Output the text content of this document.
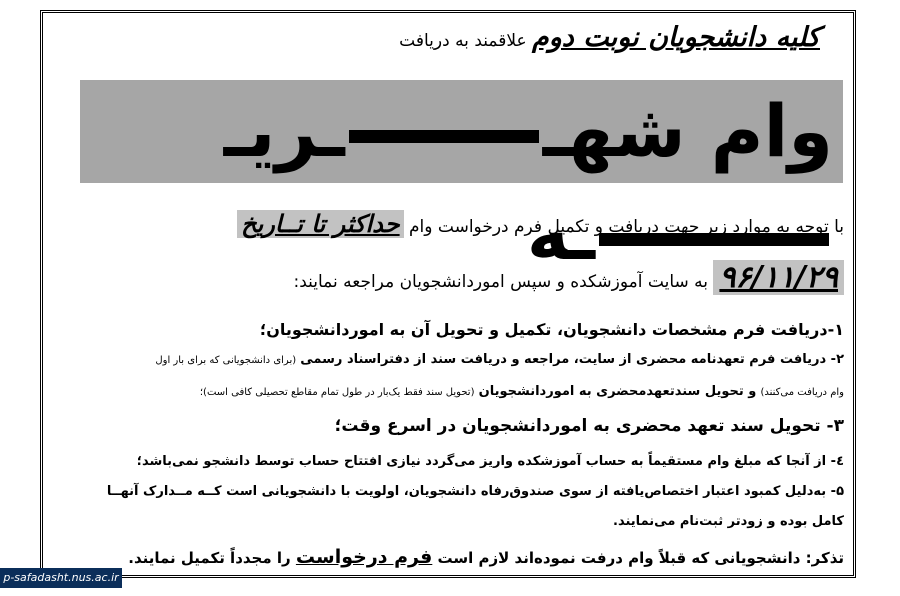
کلیه دانشجویان نوبت دوم علاقمند به دریافت
وام شهــریــه
با توجه به موارد زیر جهت دریافت و تکمیل فرم درخواست وام حداکثر تا تــاریخ
۹۶/۱۱/۲۹ به سایت آموزشکده و سپس اموردانشجویان مراجعه نمایند:
۱-دریافت فرم مشخصات دانشجویان، تکمیل و تحویل آن به اموردانشجویان؛
۲- دریافت فرم تعهدنامه محضری از سایت، مراجعه و دریافت سند از دفتراسناد رسمی (برای دانشجویانی که برای بار اول
وام دریافت می‌کنند) و تحویل سندتعهدمحضری به اموردانشجویان (تحویل سند فقط یک‌بار در طول تمام مقاطع تحصیلی کافی است)؛
۳- تحویل سند تعهد محضری به اموردانشجویان در اسرع وقت؛
٤- از آنجا که مبلغ وام مستقیماً به حساب آموزشکده واریز می‌گردد نیازی افتتاح حساب توسط دانشجو نمی‌باشد؛
۵- به‌دلیل کمبود اعتبار اختصاص‌یافته از سوی صندوق‌رفاه دانشجویان، اولویت با دانشجویانی است کــه مــدارک آنهــا
کامل بوده و زودتر ثبت‌نام می‌نمایند.
تذکر: دانشجویانی که قبلاً وام درفت نموده‌اند لازم است فرم درخواست را مجدداً تکمیل نمایند.
p-safadasht.nus.ac.ir
